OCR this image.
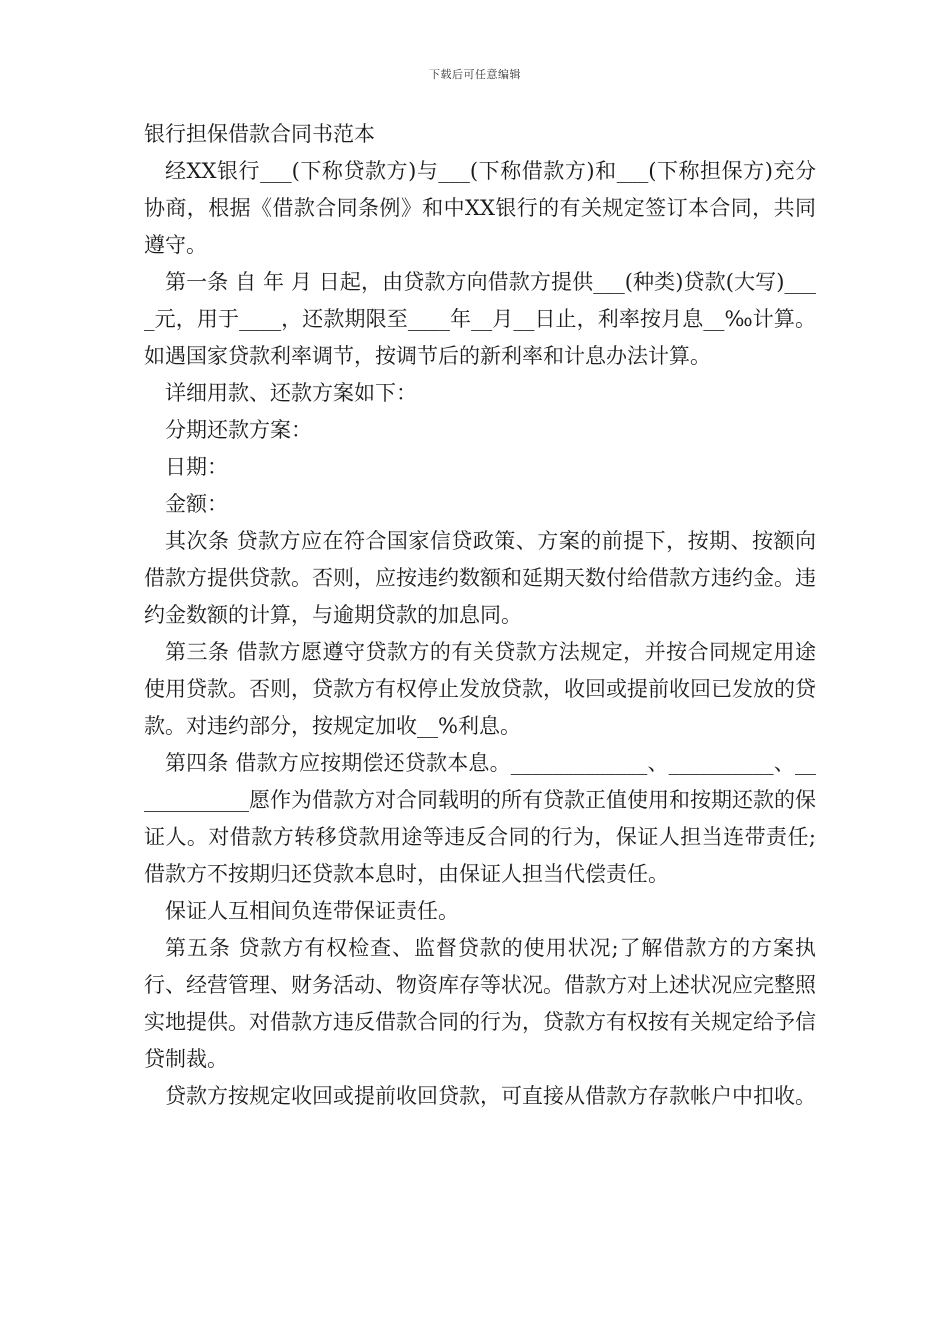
下载后可任意编辑

银行担保借款合同书范本

经XX银行___(下称贷款方)与___(下称借款方)和___(下称担保方)充分协商，根据《借款合同条例》和中XX银行的有关规定签订本合同，共同遵守。

第一条 自 年 月 日起，由贷款方向借款方提供___(种类)贷款(大写)____元，用于____，还款期限至____年__月__日止，利率按月息__‰计算。如遇国家贷款利率调节，按调节后的新利率和计息办法计算。

详细用款、还款方案如下：

分期还款方案：

日期：

金额：

其次条 贷款方应在符合国家信贷政策、方案的前提下，按期、按额向借款方提供贷款。否则，应按违约数额和延期天数付给借款方违约金。违约金数额的计算，与逾期贷款的加息同。

第三条 借款方愿遵守贷款方的有关贷款方法规定，并按合同规定用途使用贷款。否则，贷款方有权停止发放贷款，收回或提前收回已发放的贷款。对违约部分，按规定加收__%利息。

第四条 借款方应按期偿还贷款本息。_____________、__________、____________愿作为借款方对合同载明的所有贷款正值使用和按期还款的保证人。对借款方转移贷款用途等违反合同的行为，保证人担当连带责任;借款方不按期归还贷款本息时，由保证人担当代偿责任。

保证人互相间负连带保证责任。

第五条 贷款方有权检查、监督贷款的使用状况;了解借款方的方案执行、经营管理、财务活动、物资库存等状况。借款方对上述状况应完整照实地提供。对借款方违反借款合同的行为，贷款方有权按有关规定给予信贷制裁。

贷款方按规定收回或提前收回贷款，可直接从借款方存款帐户中扣收。
